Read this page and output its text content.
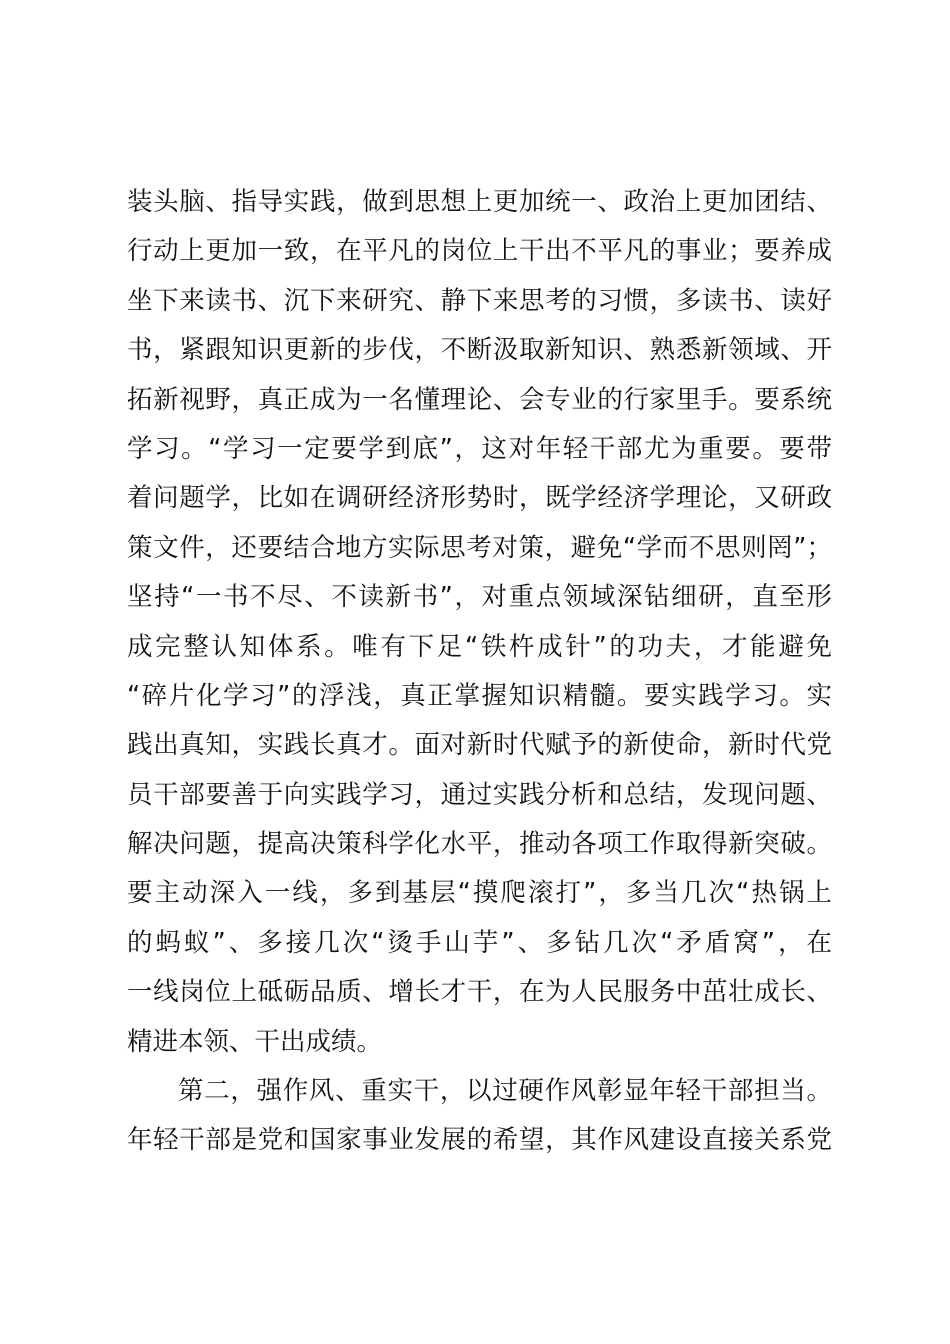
装头脑、指导实践，做到思想上更加统一、政治上更加团结、
行动上更加一致，在平凡的岗位上干出不平凡的事业；要养成
坐下来读书、沉下来研究、静下来思考的习惯，多读书、读好
书，紧跟知识更新的步伐，不断汲取新知识、熟悉新领域、开
拓新视野，真正成为一名懂理论、会专业的行家里手。要系统
学习。“学习一定要学到底”，这对年轻干部尤为重要。要带
着问题学，比如在调研经济形势时，既学经济学理论，又研政
策文件，还要结合地方实际思考对策，避免“学而不思则罔”；
坚持“一书不尽、不读新书”，对重点领域深钻细研，直至形
成完整认知体系。唯有下足“铁杵成针”的功夫，才能避免
“碎片化学习”的浮浅，真正掌握知识精髓。要实践学习。实
践出真知，实践长真才。面对新时代赋予的新使命，新时代党
员干部要善于向实践学习，通过实践分析和总结，发现问题、
解决问题，提高决策科学化水平，推动各项工作取得新突破。
要主动深入一线，多到基层“摸爬滚打”，多当几次“热锅上
的蚂蚁”、多接几次“烫手山芋”、多钻几次“矛盾窝”，在
一线岗位上砥砺品质、增长才干，在为人民服务中茁壮成长、
精进本领、干出成绩。
第二，强作风、重实干，以过硬作风彰显年轻干部担当。
年轻干部是党和国家事业发展的希望，其作风建设直接关系党
